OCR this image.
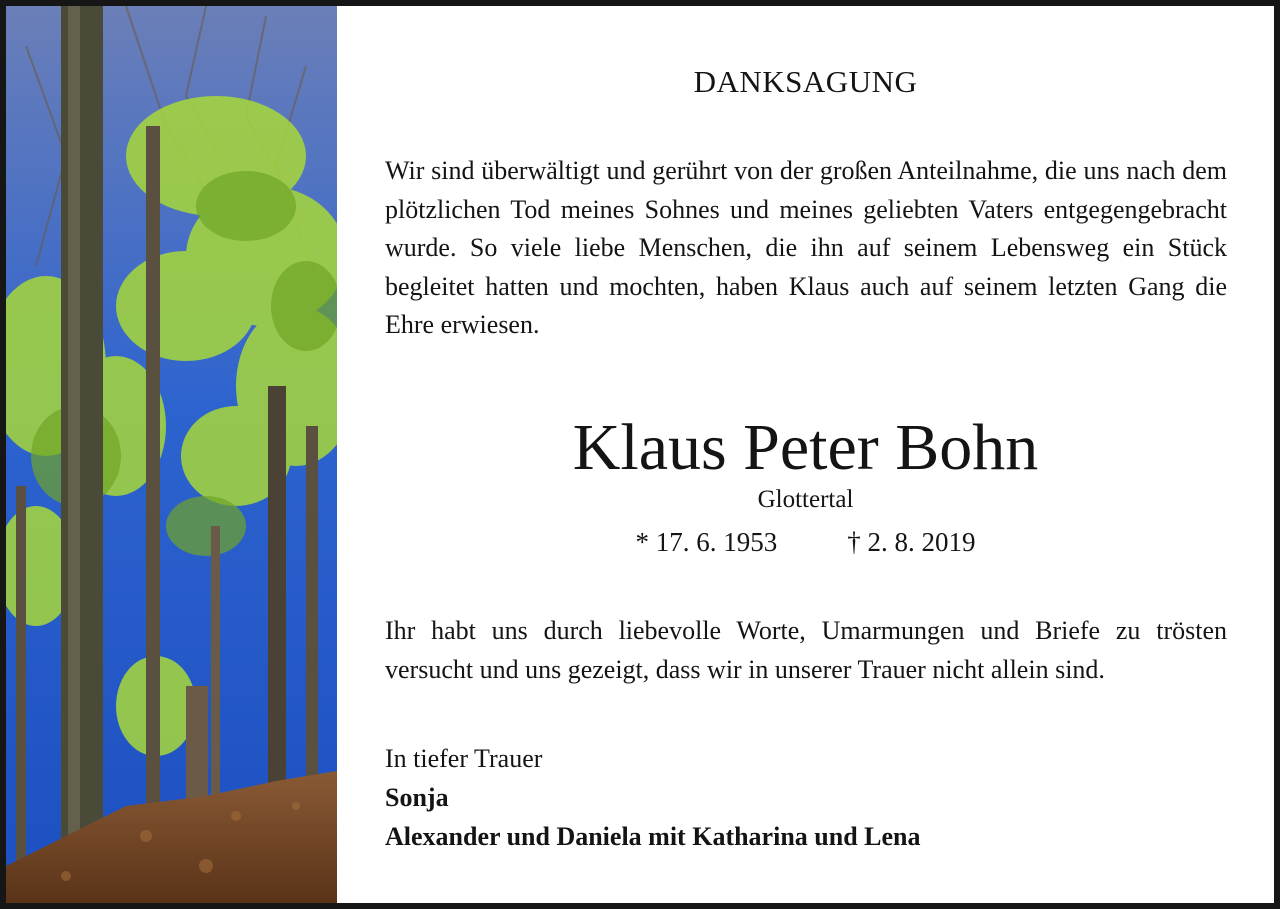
DANKSAGUNG

Wir sind überwältigt und gerührt von der großen Anteilnahme, die uns nach dem plötzlichen Tod meines Sohnes und meines geliebten Vaters entgegengebracht wurde. So viele liebe Menschen, die ihn auf seinem Lebensweg ein Stück begleitet hatten und mochten, haben Klaus auch auf seinem letzten Gang die Ehre erwiesen.

Klaus Peter Bohn
Glottertal
* 17. 6. 1953	† 2. 8. 2019

Ihr habt uns durch liebevolle Worte, Umarmungen und Briefe zu trösten versucht und uns gezeigt, dass wir in unserer Trauer nicht allein sind.

In tiefer Trauer
Sonja
Alexander und Daniela mit Katharina und Lena
